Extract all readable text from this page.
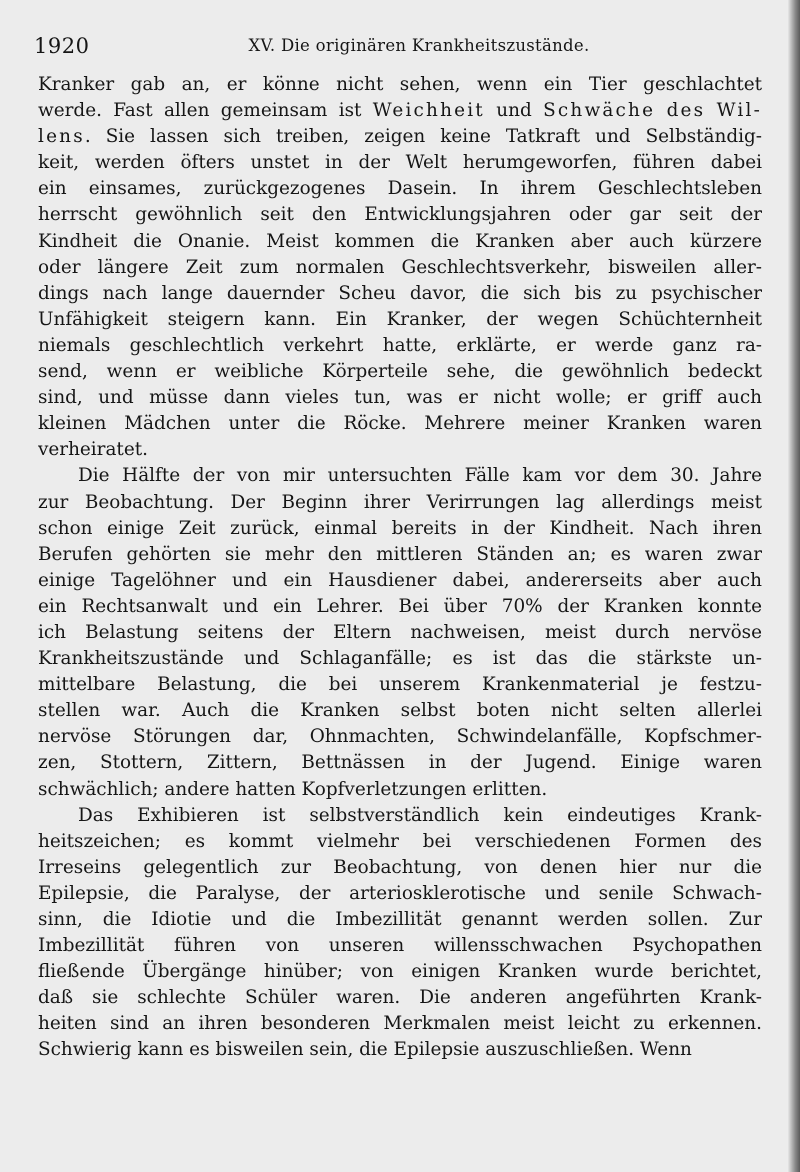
1920	XV. Die originären Krankheitszustände.
Kranker gab an, er könne nicht sehen, wenn ein Tier geschlachtet
werde. Fast allen gemeinsam ist Weichheit und Schwäche des Wil-
lens. Sie lassen sich treiben, zeigen keine Tatkraft und Selbständig-
keit, werden öfters unstet in der Welt herumgeworfen, führen dabei
ein einsames, zurückgezogenes Dasein. In ihrem Geschlechtsleben
herrscht gewöhnlich seit den Entwicklungsjahren oder gar seit der
Kindheit die Onanie. Meist kommen die Kranken aber auch kürzere
oder längere Zeit zum normalen Geschlechtsverkehr, bisweilen aller-
dings nach lange dauernder Scheu davor, die sich bis zu psychischer
Unfähigkeit steigern kann. Ein Kranker, der wegen Schüchternheit
niemals geschlechtlich verkehrt hatte, erklärte, er werde ganz ra-
send, wenn er weibliche Körperteile sehe, die gewöhnlich bedeckt
sind, und müsse dann vieles tun, was er nicht wolle; er griff auch
kleinen Mädchen unter die Röcke. Mehrere meiner Kranken waren
verheiratet.
Die Hälfte der von mir untersuchten Fälle kam vor dem 30. Jahre
zur Beobachtung. Der Beginn ihrer Verirrungen lag allerdings meist
schon einige Zeit zurück, einmal bereits in der Kindheit. Nach ihren
Berufen gehörten sie mehr den mittleren Ständen an; es waren zwar
einige Tagelöhner und ein Hausdiener dabei, andererseits aber auch
ein Rechtsanwalt und ein Lehrer. Bei über 70% der Kranken konnte
ich Belastung seitens der Eltern nachweisen, meist durch nervöse
Krankheitszustände und Schlaganfälle; es ist das die stärkste un-
mittelbare Belastung, die bei unserem Krankenmaterial je festzu-
stellen war. Auch die Kranken selbst boten nicht selten allerlei
nervöse Störungen dar, Ohnmachten, Schwindelanfälle, Kopfschmer-
zen, Stottern, Zittern, Bettnässen in der Jugend. Einige waren
schwächlich; andere hatten Kopfverletzungen erlitten.
Das Exhibieren ist selbstverständlich kein eindeutiges Krank-
heitszeichen; es kommt vielmehr bei verschiedenen Formen des
Irreseins gelegentlich zur Beobachtung, von denen hier nur die
Epilepsie, die Paralyse, der arteriosklerotische und senile Schwach-
sinn, die Idiotie und die Imbezillität genannt werden sollen. Zur
Imbezillität führen von unseren willensschwachen Psychopathen
fließende Übergänge hinüber; von einigen Kranken wurde berichtet,
daß sie schlechte Schüler waren. Die anderen angeführten Krank-
heiten sind an ihren besonderen Merkmalen meist leicht zu erkennen.
Schwierig kann es bisweilen sein, die Epilepsie auszuschließen. Wenn
